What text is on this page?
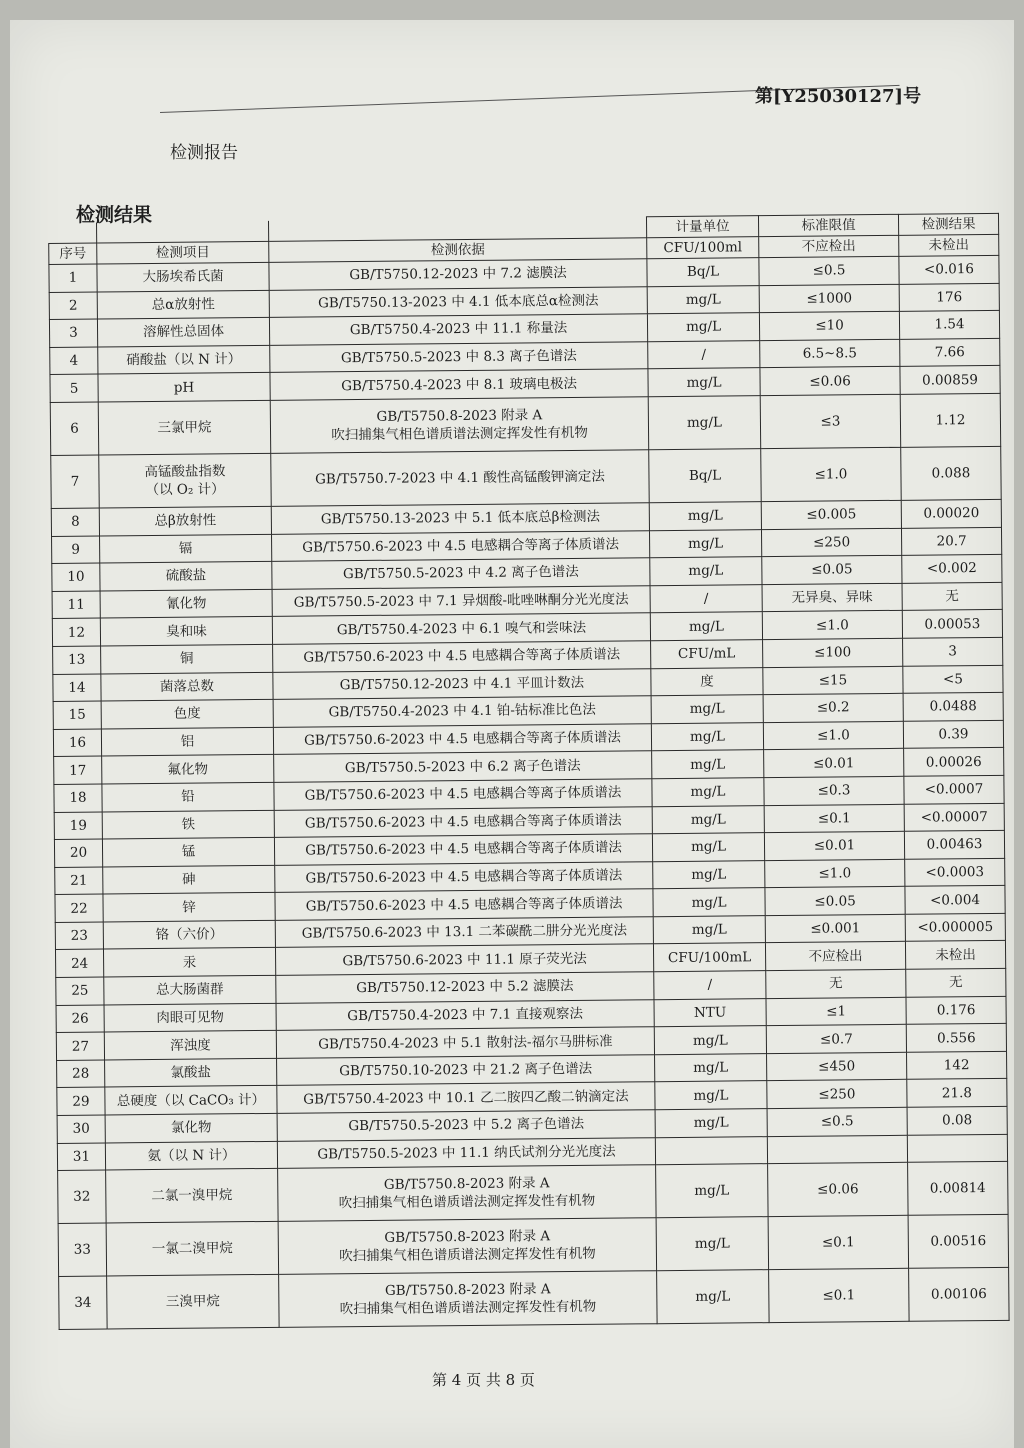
第[Y25030127]号
检测报告
检测结果
			计量单位	标准限值	检测结果
序号	检测项目	检测依据	CFU/100ml	不应检出	未检出

1	大肠埃希氏菌	GB/T5750.12-2023 中 7.2 滤膜法	Bq/L	≤0.5	<0.016

2	总α放射性	GB/T5750.13-2023 中 4.1 低本底总α检测法	mg/L	≤1000	176

3	溶解性总固体	GB/T5750.4-2023 中 11.1 称量法	mg/L	≤10	1.54

4	硝酸盐（以 N 计）	GB/T5750.5-2023 中 8.3 离子色谱法	/	6.5~8.5	7.66

5	pH	GB/T5750.4-2023 中 8.1 玻璃电极法	mg/L	≤0.06	0.00859

6	三氯甲烷	GB/T5750.8-2023 附录 A
吹扫捕集气相色谱质谱法测定挥发性有机物	mg/L	≤3	1.12

7	高锰酸盐指数
（以 O₂ 计）	GB/T5750.7-2023 中 4.1 酸性高锰酸钾滴定法	Bq/L	≤1.0	0.088

8	总β放射性	GB/T5750.13-2023 中 5.1 低本底总β检测法	mg/L	≤0.005	0.00020

9	镉	GB/T5750.6-2023 中 4.5 电感耦合等离子体质谱法	mg/L	≤250	20.7

10	硫酸盐	GB/T5750.5-2023 中 4.2 离子色谱法	mg/L	≤0.05	<0.002

11	氰化物	GB/T5750.5-2023 中 7.1 异烟酸-吡唑啉酮分光光度法	/	无异臭、异味	无

12	臭和味	GB/T5750.4-2023 中 6.1 嗅气和尝味法	mg/L	≤1.0	0.00053

13	铜	GB/T5750.6-2023 中 4.5 电感耦合等离子体质谱法	CFU/mL	≤100	3

14	菌落总数	GB/T5750.12-2023 中 4.1 平皿计数法	度	≤15	<5

15	色度	GB/T5750.4-2023 中 4.1 铂-钴标准比色法	mg/L	≤0.2	0.0488

16	铝	GB/T5750.6-2023 中 4.5 电感耦合等离子体质谱法	mg/L	≤1.0	0.39

17	氟化物	GB/T5750.5-2023 中 6.2 离子色谱法	mg/L	≤0.01	0.00026

18	铅	GB/T5750.6-2023 中 4.5 电感耦合等离子体质谱法	mg/L	≤0.3	<0.0007

19	铁	GB/T5750.6-2023 中 4.5 电感耦合等离子体质谱法	mg/L	≤0.1	<0.00007

20	锰	GB/T5750.6-2023 中 4.5 电感耦合等离子体质谱法	mg/L	≤0.01	0.00463

21	砷	GB/T5750.6-2023 中 4.5 电感耦合等离子体质谱法	mg/L	≤1.0	<0.0003

22	锌	GB/T5750.6-2023 中 4.5 电感耦合等离子体质谱法	mg/L	≤0.05	<0.004

23	铬（六价）	GB/T5750.6-2023 中 13.1 二苯碳酰二肼分光光度法	mg/L	≤0.001	<0.000005

24	汞	GB/T5750.6-2023 中 11.1 原子荧光法	CFU/100mL	不应检出	未检出

25	总大肠菌群	GB/T5750.12-2023 中 5.2 滤膜法	/	无	无

26	肉眼可见物	GB/T5750.4-2023 中 7.1 直接观察法	NTU	≤1	0.176

27	浑浊度	GB/T5750.4-2023 中 5.1 散射法-福尔马肼标准	mg/L	≤0.7	0.556

28	氯酸盐	GB/T5750.10-2023 中 21.2 离子色谱法	mg/L	≤450	142

29	总硬度（以 CaCO₃ 计）	GB/T5750.4-2023 中 10.1 乙二胺四乙酸二钠滴定法	mg/L	≤250	21.8

30	氯化物	GB/T5750.5-2023 中 5.2 离子色谱法	mg/L	≤0.5	0.08

31	氨（以 N 计）	GB/T5750.5-2023 中 11.1 纳氏试剂分光光度法			

32	二氯一溴甲烷	GB/T5750.8-2023 附录 A
吹扫捕集气相色谱质谱法测定挥发性有机物	mg/L	≤0.06	0.00814

33	一氯二溴甲烷	GB/T5750.8-2023 附录 A
吹扫捕集气相色谱质谱法测定挥发性有机物	mg/L	≤0.1	0.00516

34	三溴甲烷	GB/T5750.8-2023 附录 A
吹扫捕集气相色谱质谱法测定挥发性有机物	mg/L	≤0.1	0.00106
第 4 页 共 8 页
